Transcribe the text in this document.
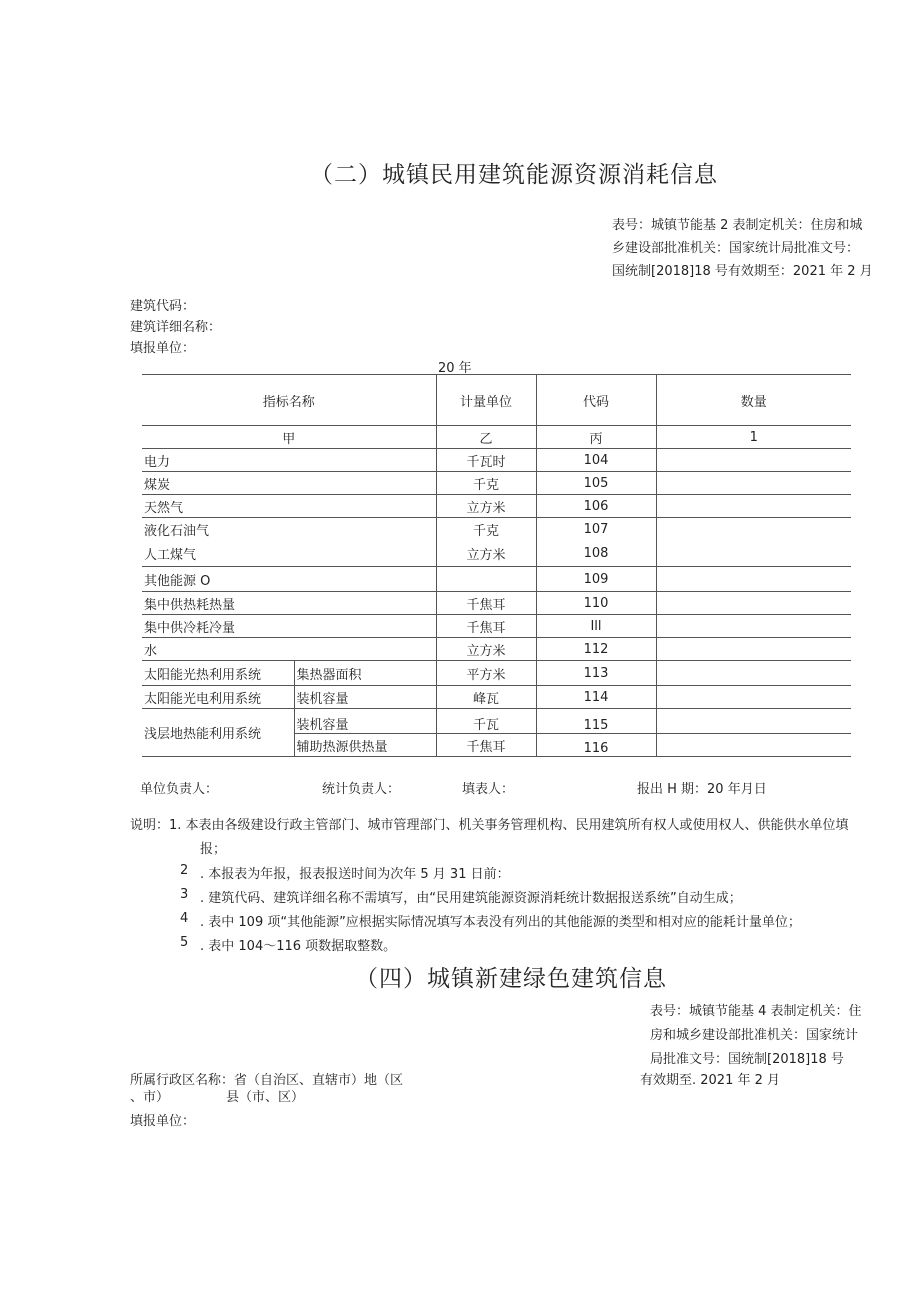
（二）城镇民用建筑能源资源消耗信息
表号：城镇节能基 2 表制定机关：住房和城
乡建设部批准机关：国家统计局批准文号：
国统制[2018]18 号有效期至：2021 年 2 月
建筑代码：
建筑详细名称：
填报单位：
20 年
指标名称		计量单位	代码	数量
甲		乙	丙	1
电力		千瓦时	104	
煤炭		千克	105	
天然气		立方米	106	
液化石油气		千克	107	
人工煤气		立方米	108	
其他能源 O			109	
集中供热耗热量		千焦耳	110	
集中供冷耗冷量		千焦耳	Ill	
水		立方米	112	
太阳能光热利用系统	集热器面积	平方米	113	
太阳能光电利用系统	装机容量	峰瓦	114	
浅层地热能利用系统	装机容量	千瓦	115	
	辅助热源供热量	千焦耳	116	
单位负责人：	统计负责人：	填表人：	报出 H 期：20 年月日
说明：1. 本表由各级建设行政主管部门、城市管理部门、机关事务管理机构、民用建筑所有权人或使用权人、供能供水单位填
报；
2 . 本报表为年报，报表报送时间为次年 5 月 31 日前：
3 . 建筑代码、建筑详细名称不需填写，由“民用建筑能源资源消耗统计数据报送系统”自动生成；
4 . 表中 109 项“其他能源”应根据实际情况填写本表没有列出的其他能源的类型和相对应的能耗计量单位；
5 . 表中 104～116 项数据取整数。
（四）城镇新建绿色建筑信息
表号：城镇节能基 4 表制定机关：住
房和城乡建设部批准机关：国家统计
局批准文号：国统制[2018]18 号
所属行政区名称：省（自治区、直辖市）地（区	有效期至. 2021 年 2 月
、市）	县（市、区）
填报单位：
